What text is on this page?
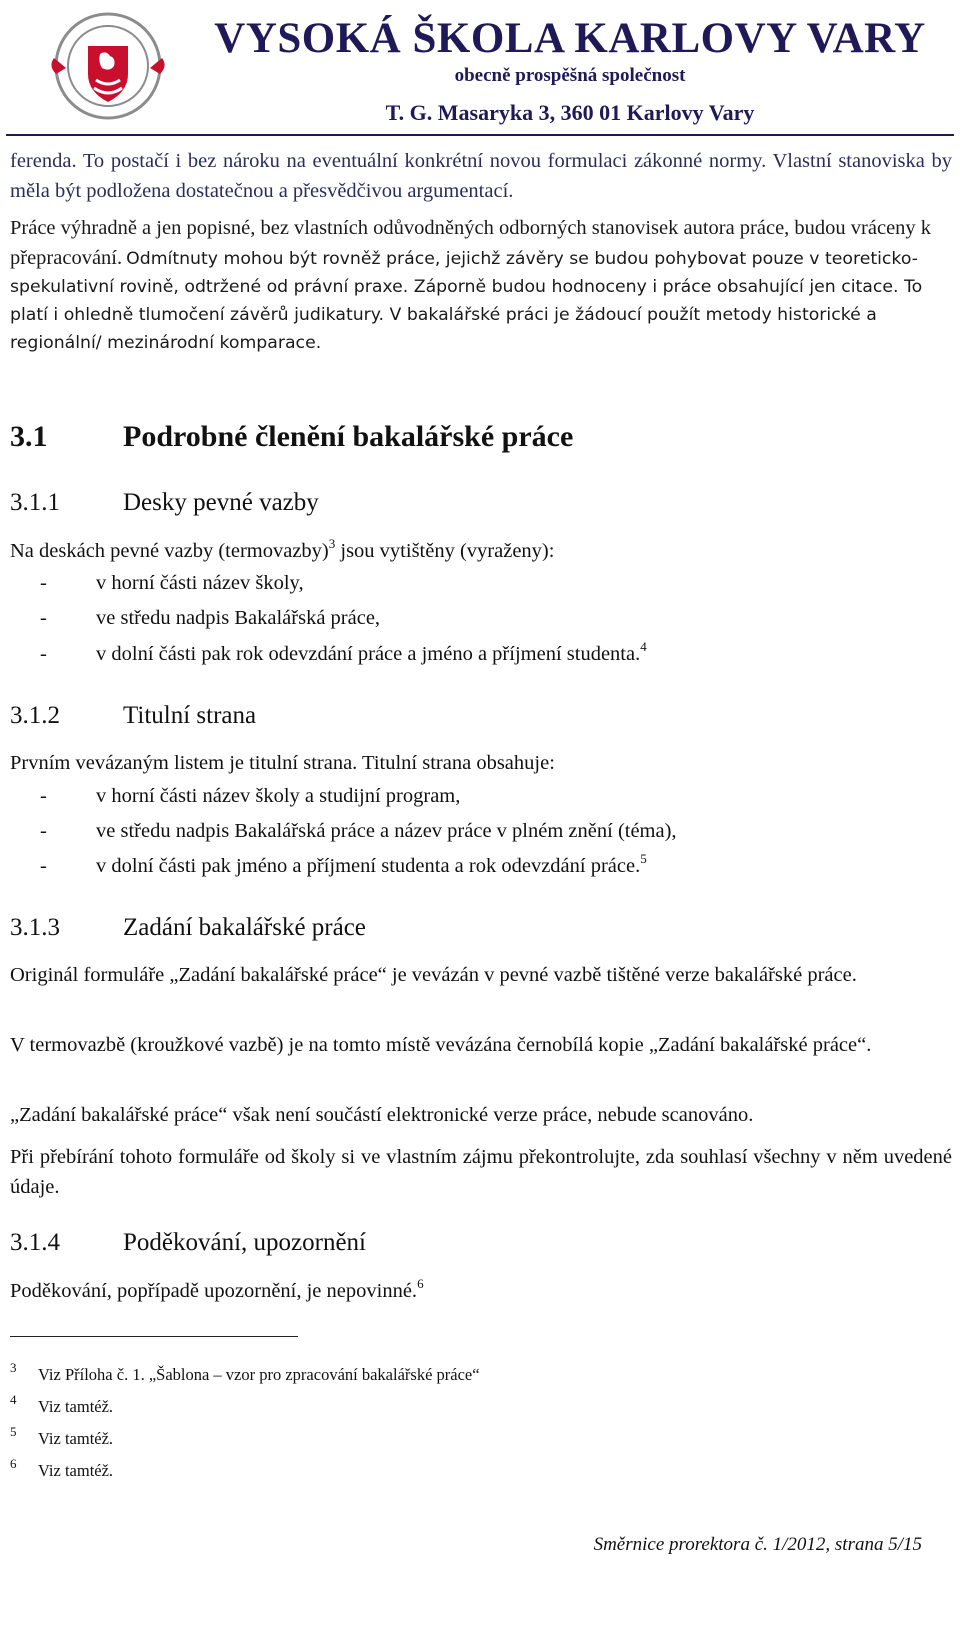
VYSOKÁ ŠKOLA KARLOVY VARY
obecně prospěšná společnost
T. G. Masaryka 3, 360 01 Karlovy Vary

ferenda. To postačí i bez nároku na eventuální konkrétní novou formulaci zákonné normy. Vlastní stanoviska by měla být podložena dostatečnou a přesvědčivou argumentací.

Práce výhradně a jen popisné, bez vlastních odůvodněných odborných stanovisek autora práce, budou vráceny k přepracování. Odmítnuty mohou být rovněž práce, jejichž závěry se budou pohybovat pouze v teoreticko-spekulativní rovině, odtržené od právní praxe. Záporně budou hodnoceny i práce obsahující jen citace. To platí i ohledně tlumočení závěrů judikatury. V bakalářské práci je žádoucí použít metody historické a regionální/ mezinárodní komparace.

3.1	Podrobné členění bakalářské práce
3.1.1	Desky pevné vazby

Na deskách pevné vazby (termovazby)$^3$ jsou vytištěny (vyraženy):

- v horní části název školy,
- ve středu nadpis Bakalářská práce,
- v dolní části pak rok odevzdání práce a jméno a příjmení studenta.$^4$
3.1.2	Titulní strana

Prvním vevázaným listem je titulní strana. Titulní strana obsahuje:

- v horní části název školy a studijní program,
- ve středu nadpis Bakalářská práce a název práce v plném znění (téma),
- v dolní části pak jméno a příjmení studenta a rok odevzdání práce.$^5$
3.1.3	Zadání bakalářské práce

Originál formuláře „Zadání bakalářské práce“ je vevázán v pevné vazbě tištěné verze bakalářské práce.

V termovazbě (kroužkové vazbě) je na tomto místě vevázána černobílá kopie „Zadání bakalářské práce“.

„Zadání bakalářské práce“ však není součástí elektronické verze práce, nebude scanováno.

Při přebírání tohoto formuláře od školy si ve vlastním zájmu překontrolujte, zda souhlasí všechny v něm uvedené údaje.

3.1.4	Poděkování, upozornění

Poděkování, popřípadě upozornění, je nepovinné.$^6$

3 Viz Příloha č. 1. „Šablona – vzor pro zpracování bakalářské práce“
4 Viz tamtéž.
5 Viz tamtéž.
6 Viz tamtéž.
Směrnice prorektora č. 1/2012, strana 5/15
